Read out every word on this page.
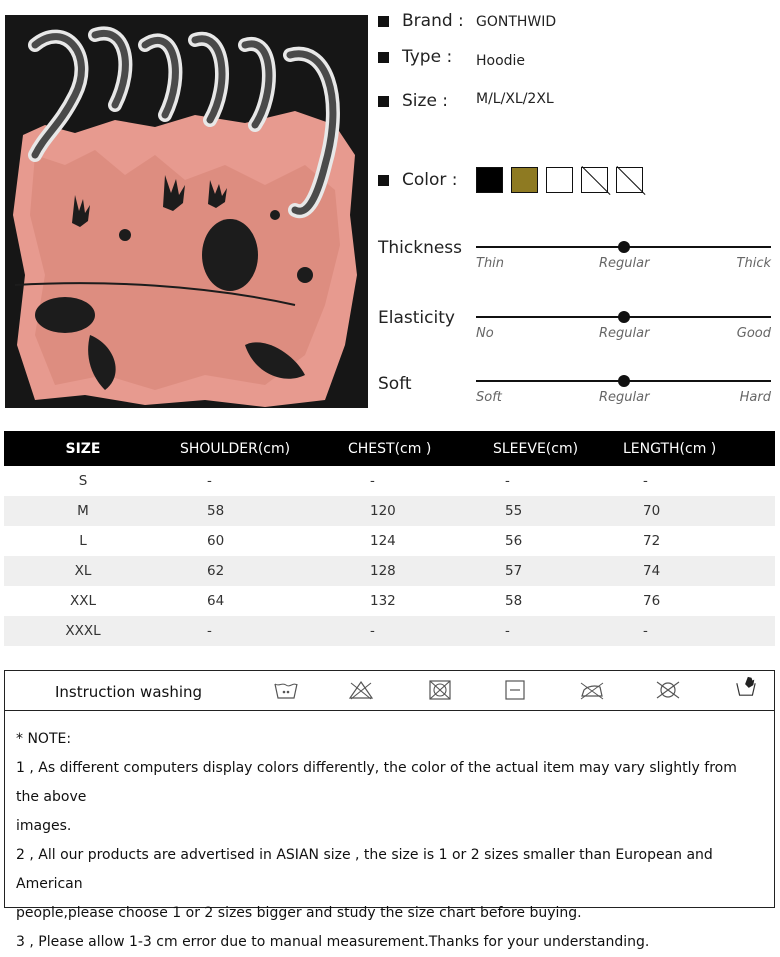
Brand : GONTHWID
Type : Hoodie
Size : M/L/XL/2XL
Color :
Thickness
Thin	Regular	Thick
Elasticity
No	Regular	Good
Soft
Soft	Regular	Hard
SIZE	SHOULDER(cm)	CHEST(cm )	SLEEVE(cm)	LENGTH(cm )
S	-	-	-	-
M	58	120	55	70
L	60	124	56	72
XL	62	128	57	74
XXL	64	132	58	76
XXXL	-	-	-	-
Instruction washing
* NOTE:
1 , As different computers display colors differently, the color of the actual item may vary slightly from the above
images.
2 , All our products are advertised in ASIAN size , the size is 1 or 2 sizes smaller than European and American
people,please choose 1 or 2 sizes bigger and study the size chart before buying.
3 , Please allow 1-3 cm error due to manual measurement.Thanks for your understanding.
